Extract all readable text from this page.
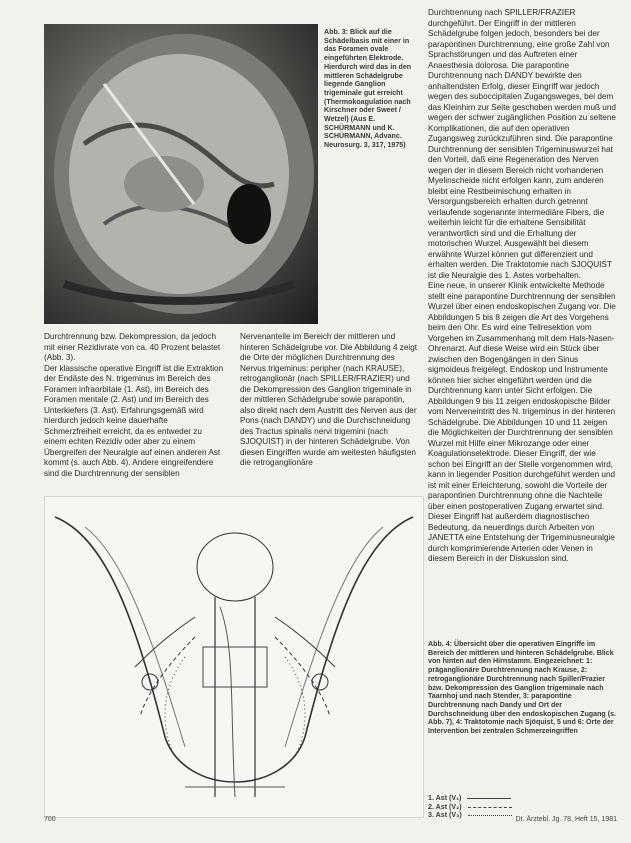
Abb. 3: Blick auf die Schädelbasis mit einer in das Foramen ovale eingeführten Elektrode. Hierdurch wird das in den mittleren Schädelgrube liegende Ganglion trigeminale gut erreicht (Thermokoagulation nach Kirschner oder Sweet / Wetzel) (Aus E. SCHÜRMANN und K. SCHÜRMANN, Advanc. Neurosurg. 3, 317, 1975)
Durchtrennung bzw. Dekompression, da jedoch mit einer Rezidivrate von ca. 40 Prozent belastet (Abb. 3).
Der klassische operative Eingriff ist die Extraktion der Endäste des N. trigeminus im Bereich des Foramen infraorbitale (1. Ast), im Bereich des Foramen mentale (2. Ast) und im Bereich des Unterkiefers (3. Ast). Erfahrungsgemäß wird hierdurch jedoch keine dauerhafte Schmerzfreiheit erreicht, da es entweder zu einem echten Rezidiv oder aber zu einem Übergreifen der Neuralgie auf einen anderen Ast kommt (s. auch Abb. 4). Andere eingreifendere sind die Durchtrennung der sensiblen
Nervenanteile im Bereich der mittleren und hinteren Schädelgrube vor. Die Abbildung 4 zeigt die Orte der möglichen Durchtrennung des Nervus trigeminus: peripher (nach KRAUSE), retroganglionär (nach SPILLER/FRAZIER) und die Dekompression des Ganglion trigeminale in der mittleren Schädelgrube sowie parapontin, also direkt nach dem Austritt des Nerven aus der Pons (nach DANDY) und die Durchschneidung des Tractus spinalis nervi trigemini (nach SJOQUIST) in der hinteren Schädelgrube. Von diesen Eingriffen wurde am weitesten häufigsten die retroganglionäre
Durchtrennung nach SPILLER/FRAZIER durchgeführt. Der Eingriff in der mittleren Schädelgrube folgen jedoch, besonders bei der parapontinen Durchtrennung, eine große Zahl von Sprachstörungen und das Auftreten einer Anaesthesia dolorosa. Die parapontine Durchtrennung nach DANDY bewirkte den anhaltendsten Erfolg, dieser Eingriff war jedoch wegen des suboccipitalen Zugangsweges, bei dem das Kleinhirn zur Seite geschoben werden muß und wegen der schwer zugänglichen Position zu seltene Komplikationen, die auf den operativen Zugangsweg zurückzuführen sind. Die parapontine Durchtrennung der sensiblen Trigeminuswurzel hat den Vorteil, daß eine Regeneration des Nerven wegen der in diesem Bereich nicht vorhandenen Myelinscheide nicht erfolgen kann, zum anderen bleibt eine Restbeimischung erhalten in Versorgungsbereich erhalten durch getrennt verlaufende sogenannte intermediäre Fibers, die weiterhin leicht für die erhaltene Sensibilität verantwortlich sind und die Erhaltung der motorischen Wurzel. Ausgewählt bei diesem erwähnte Wurzel können gut differenziert und erhalten werden. Die Traktotomie nach SJOQUIST ist die Neuralgie des 1. Astes vorbehalten.
Eine neue, in unserer Klinik entwickelte Methode stellt eine parapontine Durchtrennung der sensiblen Wurzel über einen endoskopischen Zugang vor. Die Abbildungen 5 bis 8 zeigen die Art des Vorgehens beim den Ohr. Es wird eine Teilresektion vom Vorgehen im Zusammenhang mit dem Hals-Nasen-Ohrenarzt. Auf diese Weise wird ein Stück über zwischen den Bogengängen in den Sinus sigmoideus freigelegt. Endoskop und Instrumente können hier sicher eingeführt werden und die Durchtrennung kann unter Sicht erfolgen. Die Abbildungen 9 bis 11 zeigen endoskopische Bilder vom Nerveneintritt des N. trigeminus in der hinteren Schädelgrube. Die Abbildungen 10 und 11 zeigen die Möglichkeiten der Durchtrennung der sensiblen Wurzel mit Hilfe einer Mikrozange oder einer Koagulationselektrode. Dieser Eingriff, der wie schon bei Eingriff an der Stelle vorgenommen wird, kann in liegender Position durchgeführt werden und ist mit einer Erleichterung, sowohl die Vorteile der parapontinen Durchtrennung ohne die Nachteile über einen postoperativen Zugang erwartet sind. Dieser Eingriff hat außerdem diagnostischen Bedeutung, da neuerdings durch Arbeiten von JANETTA eine Entstehung der Trigeminusneuralgie durch komprimierende Arterien oder Venen in diesem Bereich in der Diskussion sind.
Abb. 4: Übersicht über die operativen Eingriffe im Bereich der mittleren und hinteren Schädelgrube. Blick von hinten auf den Hirnstamm. Eingezeichnet: 1: präganglionäre Durchtrennung nach Krause, 2: retroganglionäre Durchtrennung nach Spiller/Frazier bzw. Dekompression des Ganglion trigeminale nach Taarnhoj und nach Stender, 3: parapontine Durchtrennung nach Dandy und Ort der Durchschneidung über den endoskopischen Zugang (s. Abb. 7), 4: Traktotomie nach Sjöquist, 5 und 6: Orte der Intervention bei zentralen Schmerzeingriffen
1. Ast (V₁)
2. Ast (V₂)
3. Ast (V₃)
700	Dt. Ärztebl. Jg. 78, Heft 15, 1981
